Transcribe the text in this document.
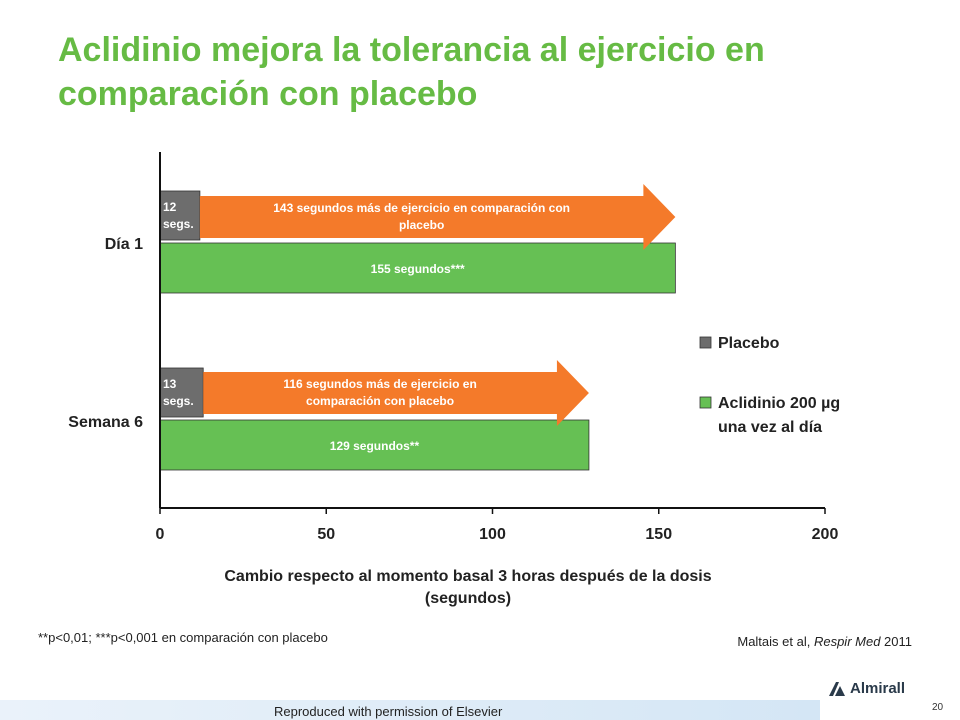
Aclidinio mejora la tolerancia al ejercicio en comparación con placebo
Día 1
155 segundos***
12 segs.
143 segundos más de ejercicio en comparación con placebo
Semana 6
129 segundos**
13 segs.
116 segundos más de ejercicio en comparación con placebo
0	50	100	150	200
Cambio respecto al momento basal 3 horas después de la dosis (segundos)
Placebo
Aclidinio 200 µg una vez al día
**p<0,01; ***p<0,001 en comparación con placebo	Maltais et al, Respir Med 2011
Reproduced with permission of Elsevier
Almirall
20
